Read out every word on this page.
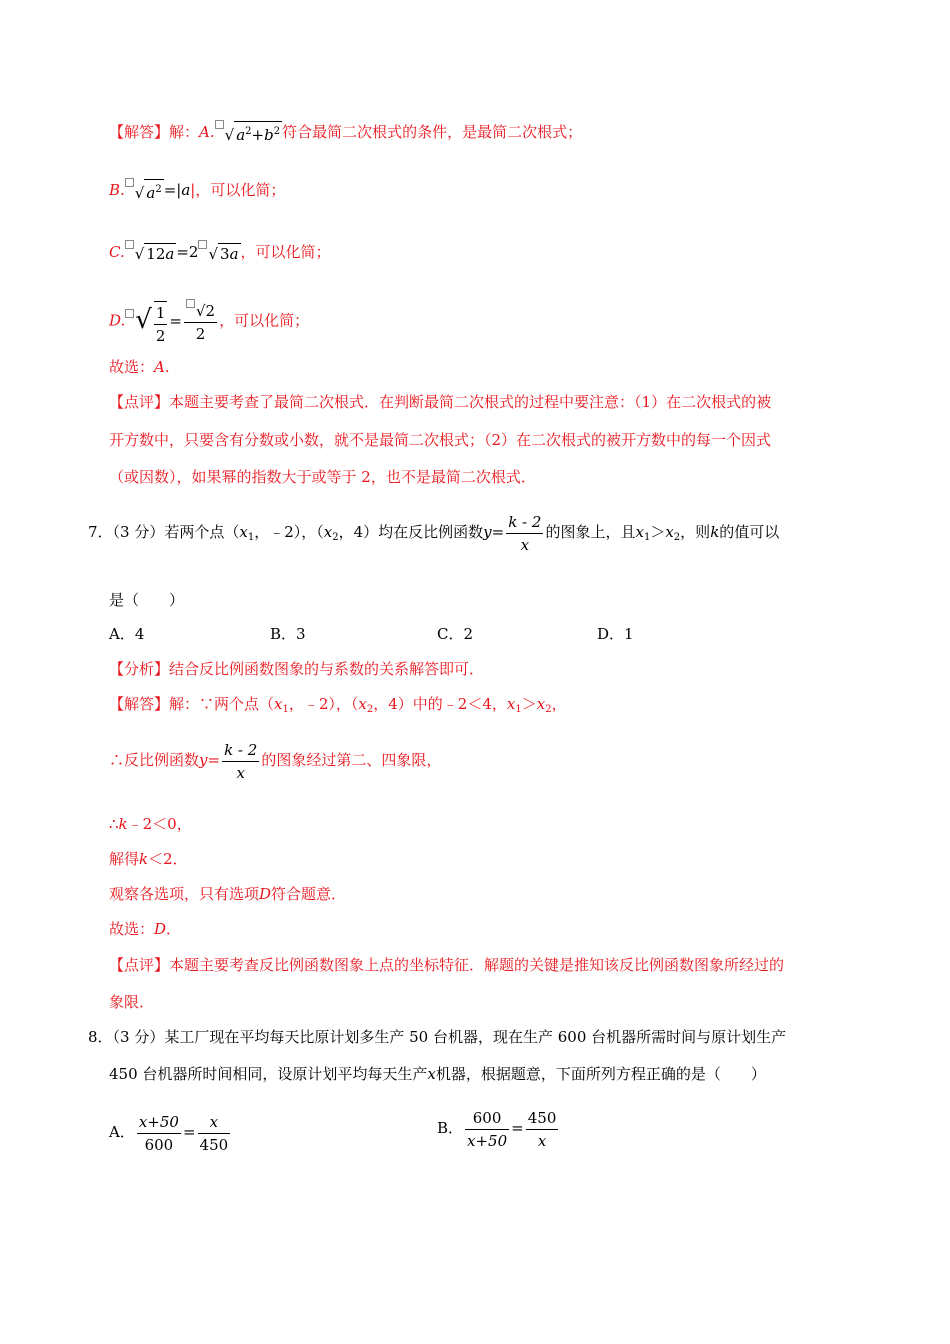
【解答】解：A. √ $a^2+b^2$ 符合最简二次根式的条件，是最简二次根式；
B. √ $a^2 =|a|$，可以化简；
C. √ 12a =2 √ 3a ，可以化简；
D. √ $\frac{1}{2} = \frac{√2}{2}$ ，可以化简；
故选：A.
【点评】本题主要考查了最简二次根式．在判断最简二次根式的过程中要注意：（1）在二次根式的被
开方数中，只要含有分数或小数，就不是最简二次根式；（2）在二次根式的被开方数中的每一个因式
（或因数），如果幂的指数大于或等于 2，也不是最简二次根式．
7．（3 分）若两个点（$x_1$，﹣2），（$x_2$，4）均在反比例函数$y= \frac{k - 2}{x}$ 的图象上，且$x_1>x_2$，则k的值可以
是（　　）
A．4	B．3	C．2	D．1
【分析】结合反比例函数图象的与系数的关系解答即可．
【解答】解：∵两个点（$x_1$，﹣2），（$x_2$，4）中的﹣2＜4，$x_1>x_2$，
∴反比例函数$y= \frac{k - 2}{x}$ 的图象经过第二、四象限，
∴k﹣2＜0，
解得k＜2．
观察各选项，只有选项D符合题意．
故选：D．
【点评】本题主要考查反比例函数图象上点的坐标特征．解题的关键是推知该反比例函数图象所经过的
象限．
8．（3 分）某工厂现在平均每天比原计划多生产 50 台机器，现在生产 600 台机器所需时间与原计划生产
450 台机器所时间相同，设原计划平均每天生产x机器，根据题意，下面所列方程正确的是（　　）
A． $\frac{x+50}{600} = \frac{x}{450}$	B． $\frac{600}{x+50} = \frac{450}{x}$
